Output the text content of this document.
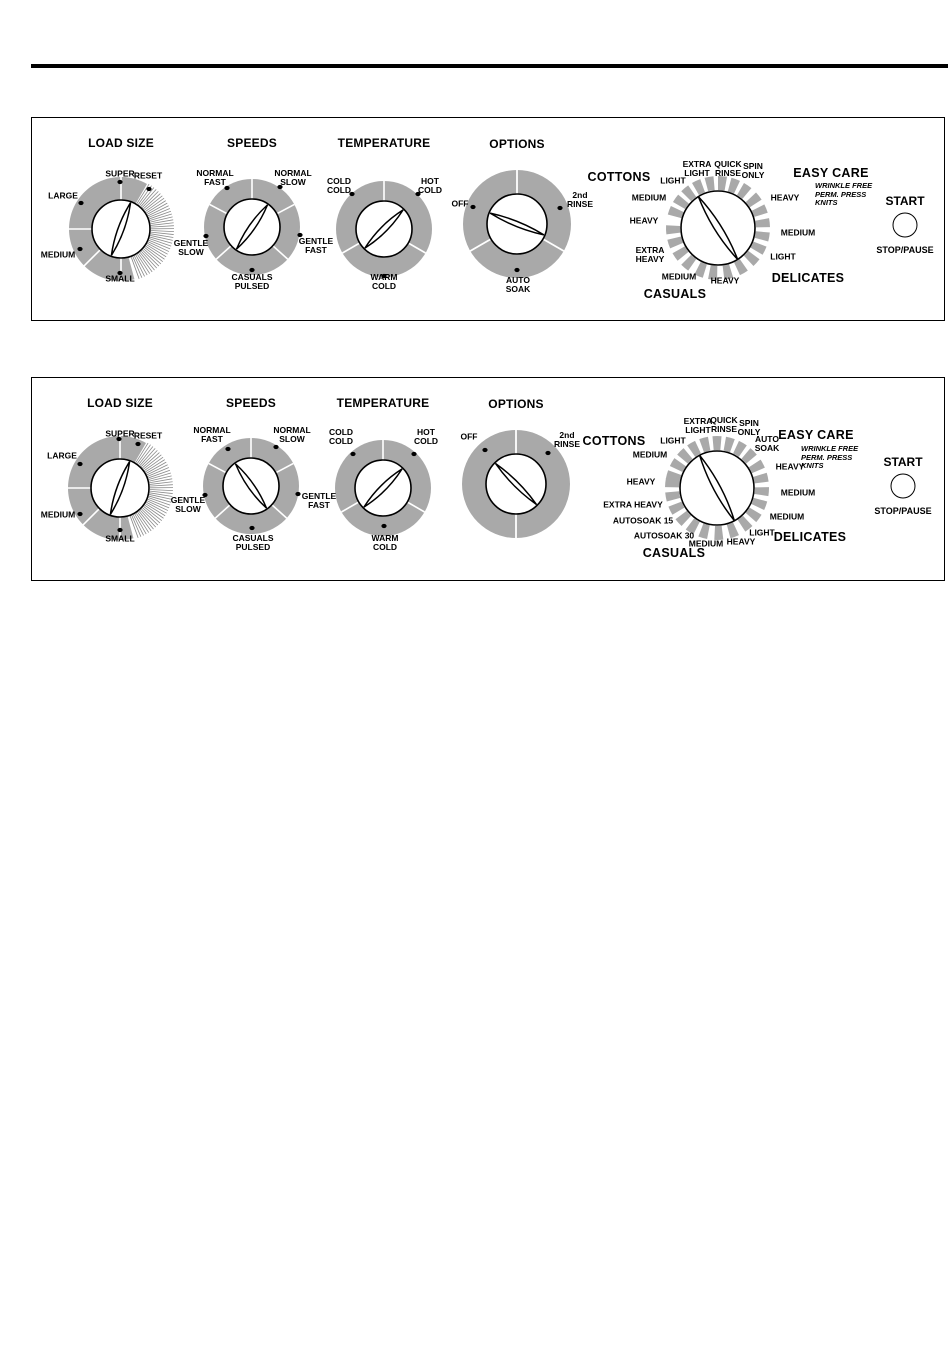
LOAD SIZE	SPEEDS	TEMPERATURE	OPTIONS
SUPER RESET
LARGE
MEDIUM
SMALL
NORMAL
FAST
NORMAL
SLOW
GENTLE
SLOW
GENTLE
FAST
CASUALS
PULSED
COLD
COLD
HOT
COLD
WARM
COLD
OFF
2nd
RINSE
AUTO
SOAK
COTTONS	EASY CARE
WRINKLE FREE
PERM. PRESS
KNITS
DELICATES
CASUALS
LIGHT
EXTRA
LIGHT
QUICK
RINSE
SPIN
ONLY
MEDIUM
HEAVY
EXTRA
HEAVY
MEDIUM HEAVY
HEAVY
MEDIUM
LIGHT
START
STOP/PAUSE
LOAD SIZE	SPEEDS	TEMPERATURE	OPTIONS
SUPER RESET
LARGE
MEDIUM
SMALL
NORMAL
FAST
NORMAL
SLOW
GENTLE
SLOW
GENTLE
FAST
CASUALS
PULSED
COLD
COLD
HOT
COLD
WARM
COLD
OFF	2nd
RINSE COTTONS	EASY CARE
WRINKLE FREE
PERM. PRESS
KNITS
DELICATES
CASUALS
LIGHT
EXTRA
LIGHT
QUICK
RINSE
SPIN
ONLY
AUTO
SOAK
MEDIUM
HEAVY
EXTRA HEAVY
AUTOSOAK 15
AUTOSOAK 30
MEDIUM HEAVY
HEAVY
MEDIUM
MEDIUM
LIGHT
START
STOP/PAUSE
